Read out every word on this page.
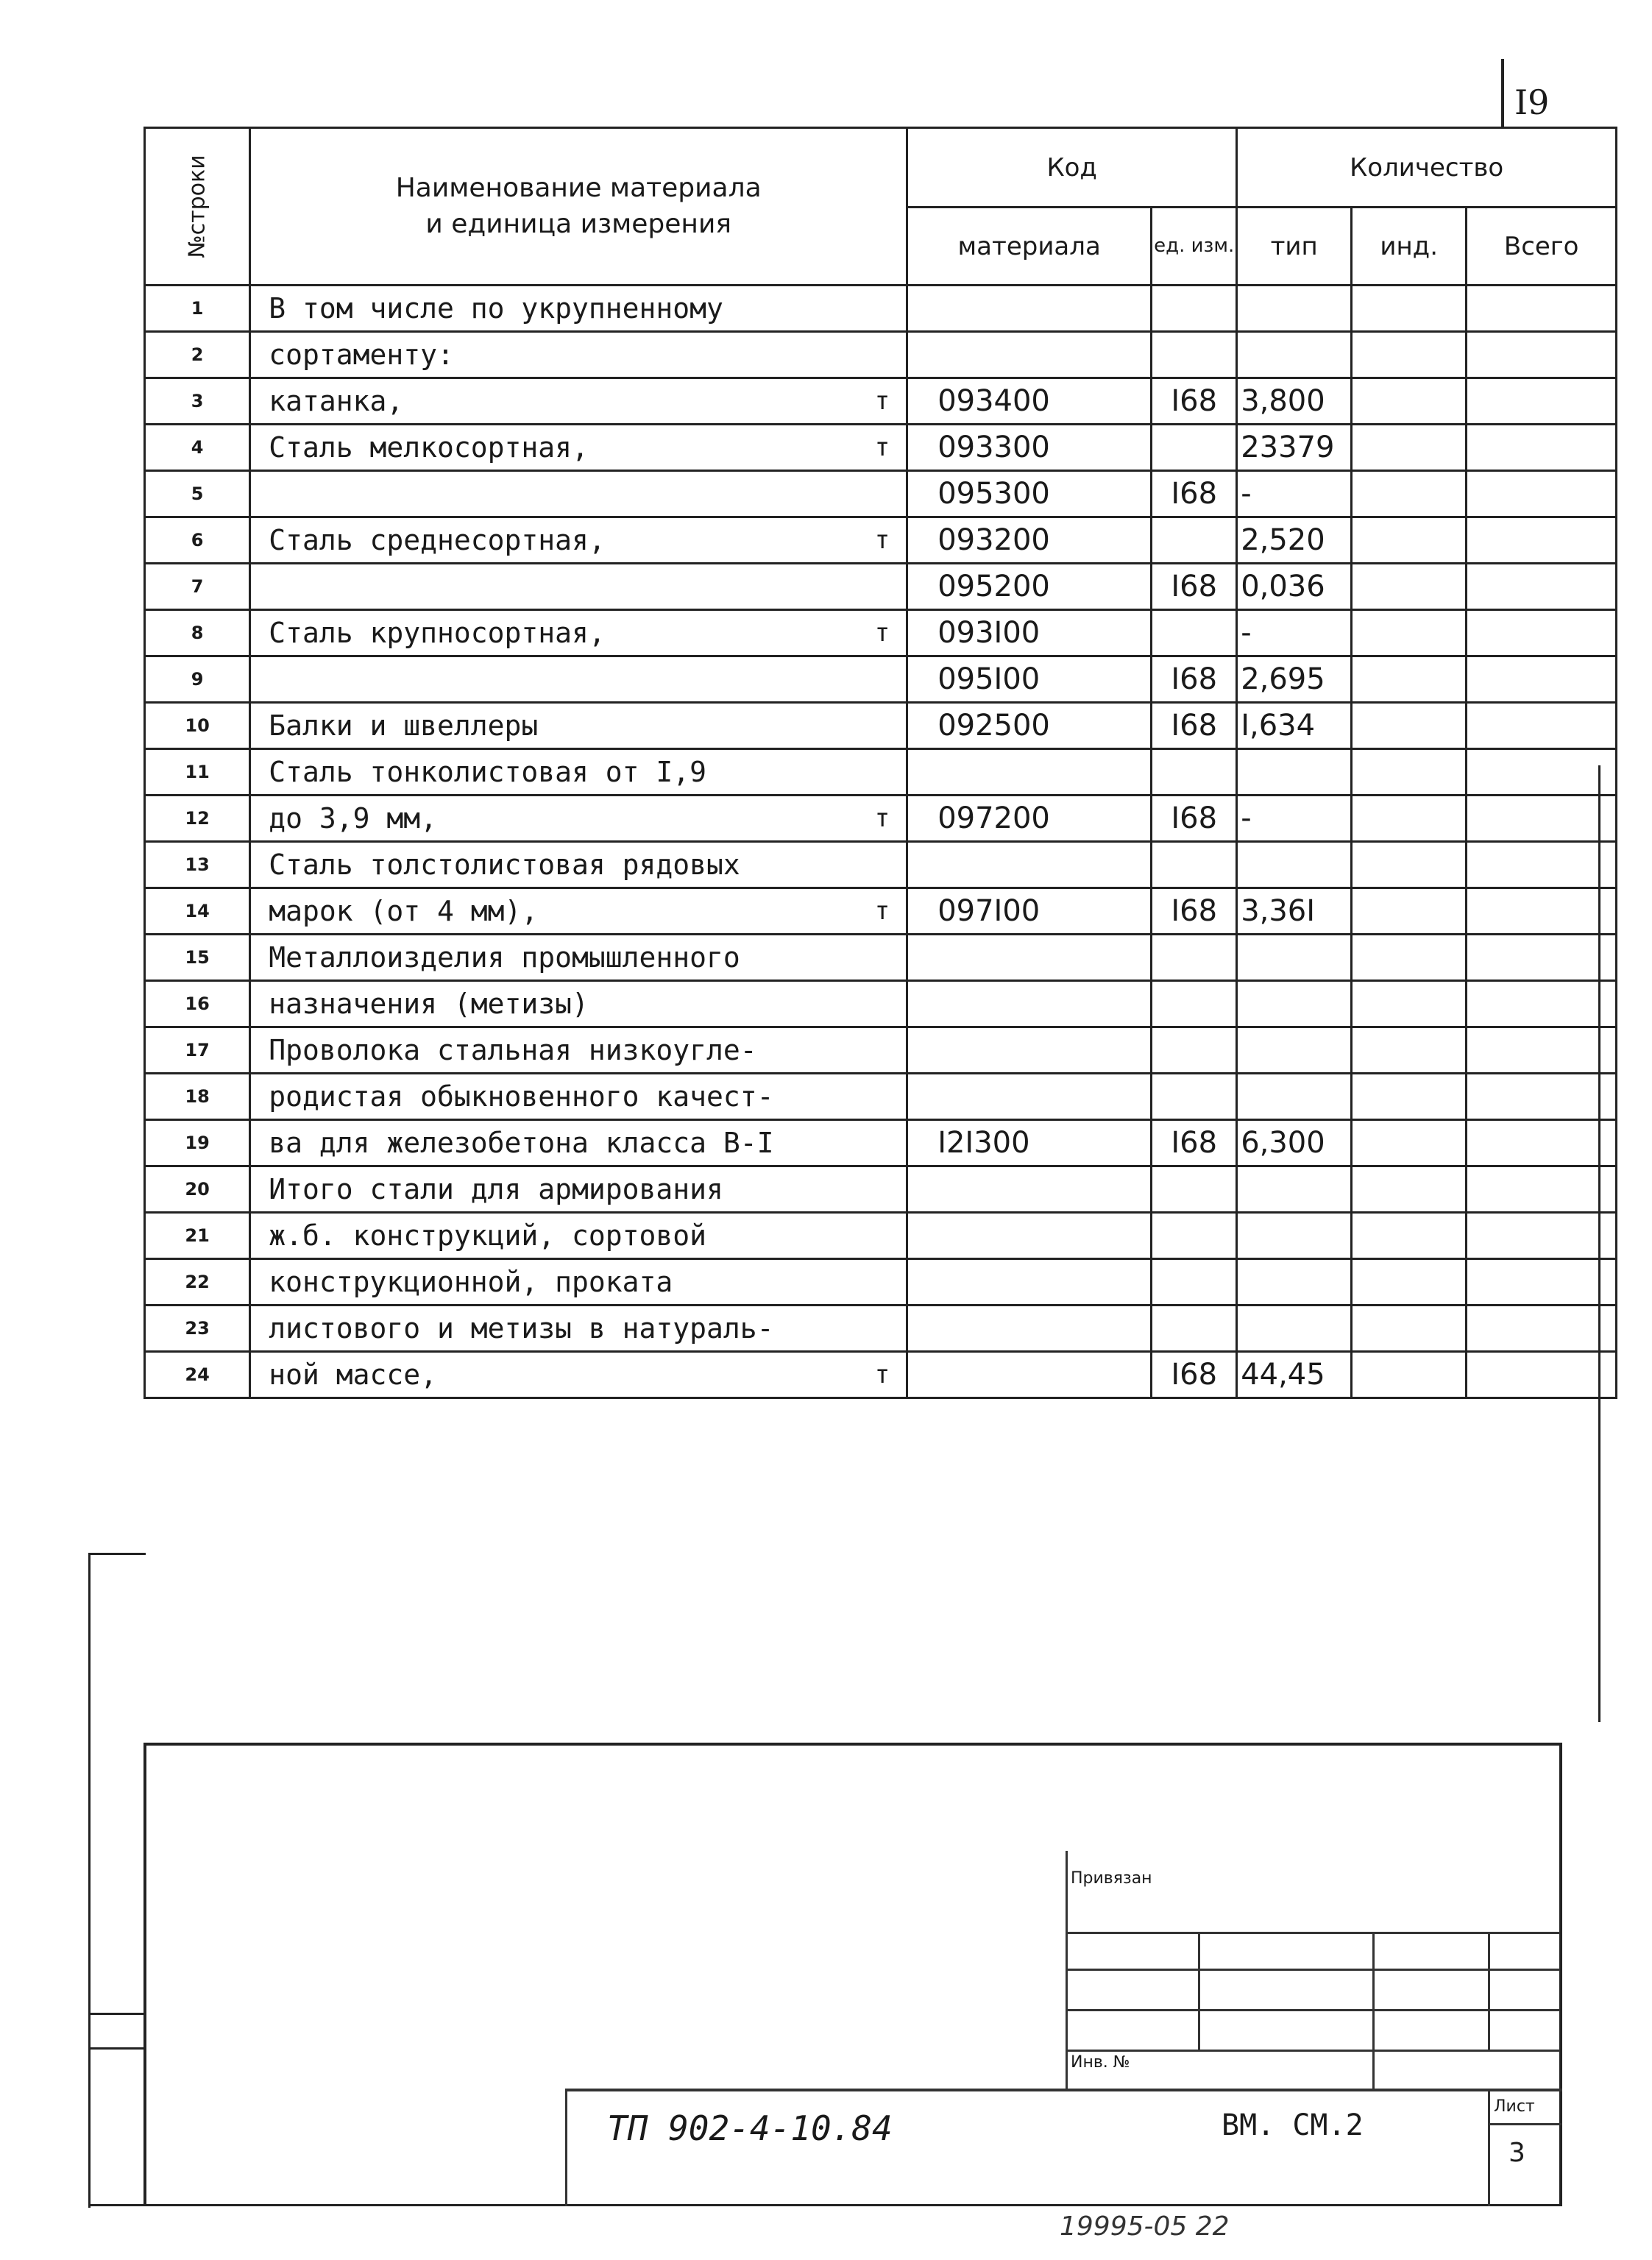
I9
№строки	Наименование материала
и единица измерения	Код		Количество		
		материала	ед. изм.	тип	инд.	Всего
1	В том числе по укрупненному

2	сортаменту:

3	катанка, т	093400	I68	3,800		
4	Сталь мелкосортная, т	093300		23379		
5		095300	I68	-		
6	Сталь среднесортная, т	093200		2,520		
7		095200	I68	0,036		
8	Сталь крупносортная, т	093I00		-		
9		095I00	I68	2,695		
10	Балки и швеллеры	092500	I68	I,634		
11	Сталь тонколистовая от I,9

12	до 3,9 мм, т	097200	I68	-		
13	Сталь толстолистовая рядовых

14	марок (от 4 мм), т	097I00	I68	3,36I		
15	Металлоизделия промышленного

16	назначения (метизы)

17	Проволока стальная низкоугле-

18	родистая обыкновенного качест-

19	ва для железобетона класса В-I	I2I300	I68	6,300		
20	Итого стали для армирования

21	ж.б. конструкций, сортовой

22	конструкционной, проката

23	листового и метизы в натураль-

24	ной массе, т		I68	44,45		
Привязан
Инв. №
ТП 902-4-10.84	ВМ. СМ.2
Лист
3
19995-05 22
